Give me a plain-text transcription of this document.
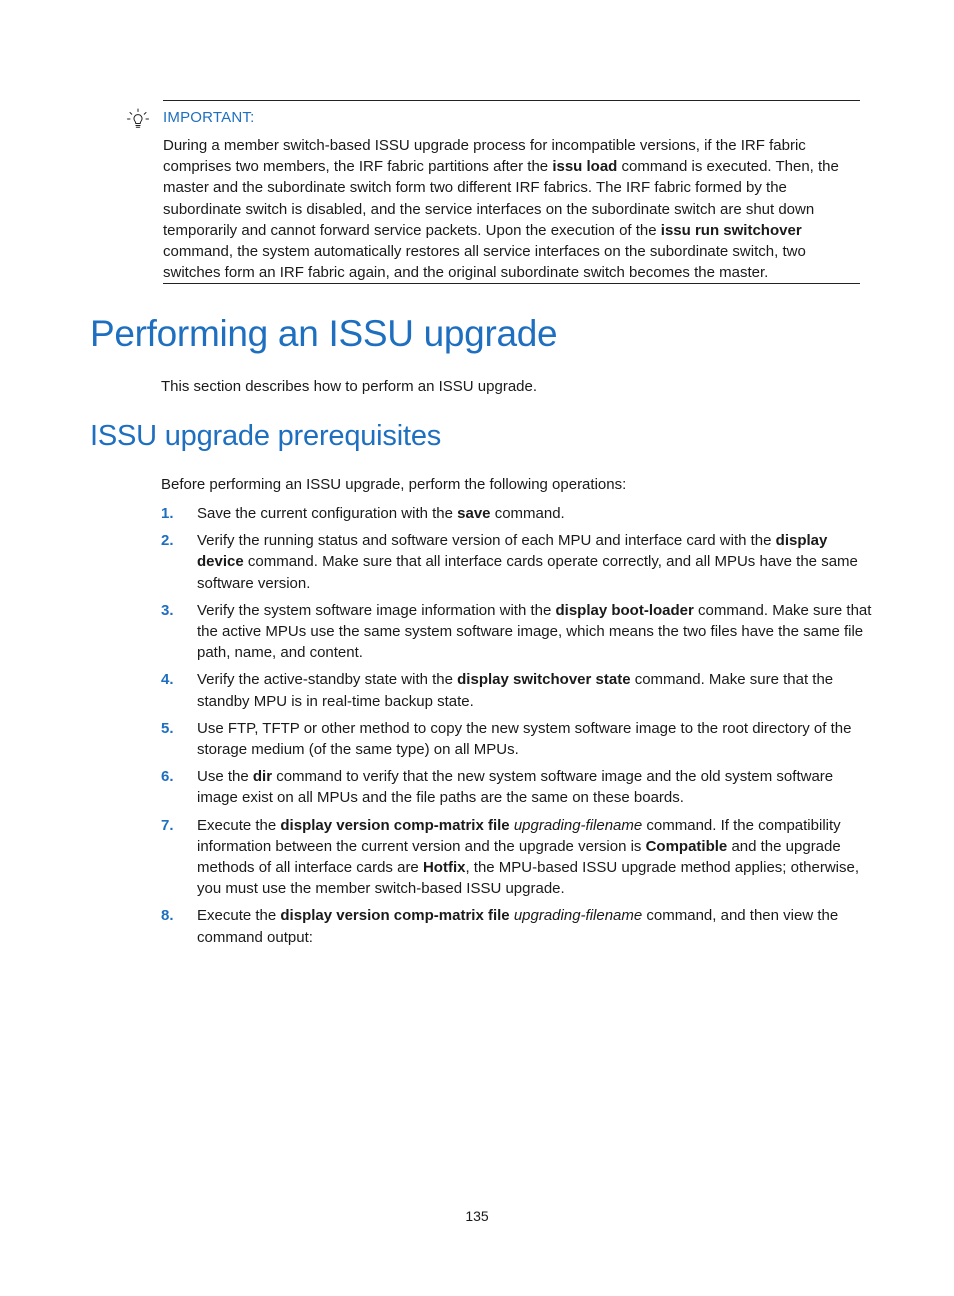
IMPORTANT:

During a member switch-based ISSU upgrade process for incompatible versions, if the IRF fabric comprises two members, the IRF fabric partitions after the issu load command is executed. Then, the master and the subordinate switch form two different IRF fabrics. The IRF fabric formed by the subordinate switch is disabled, and the service interfaces on the subordinate switch are shut down temporarily and cannot forward service packets. Upon the execution of the issu run switchover command, the system automatically restores all service interfaces on the subordinate switch, two switches form an IRF fabric again, and the original subordinate switch becomes the master.

Performing an ISSU upgrade

This section describes how to perform an ISSU upgrade.

ISSU upgrade prerequisites

Before performing an ISSU upgrade, perform the following operations:

1. Save the current configuration with the save command.
2. Verify the running status and software version of each MPU and interface card with the display device command. Make sure that all interface cards operate correctly, and all MPUs have the same software version.
3. Verify the system software image information with the display boot-loader command. Make sure that the active MPUs use the same system software image, which means the two files have the same file path, name, and content.
4. Verify the active-standby state with the display switchover state command. Make sure that the standby MPU is in real-time backup state.
5. Use FTP, TFTP or other method to copy the new system software image to the root directory of the storage medium (of the same type) on all MPUs.
6. Use the dir command to verify that the new system software image and the old system software image exist on all MPUs and the file paths are the same on these boards.
7. Execute the display version comp-matrix file upgrading-filename command. If the compatibility information between the current version and the upgrade version is Compatible and the upgrade methods of all interface cards are Hotfix, the MPU-based ISSU upgrade method applies; otherwise, you must use the member switch-based ISSU upgrade.
8. Execute the display version comp-matrix file upgrading-filename command, and then view the command output:
135
